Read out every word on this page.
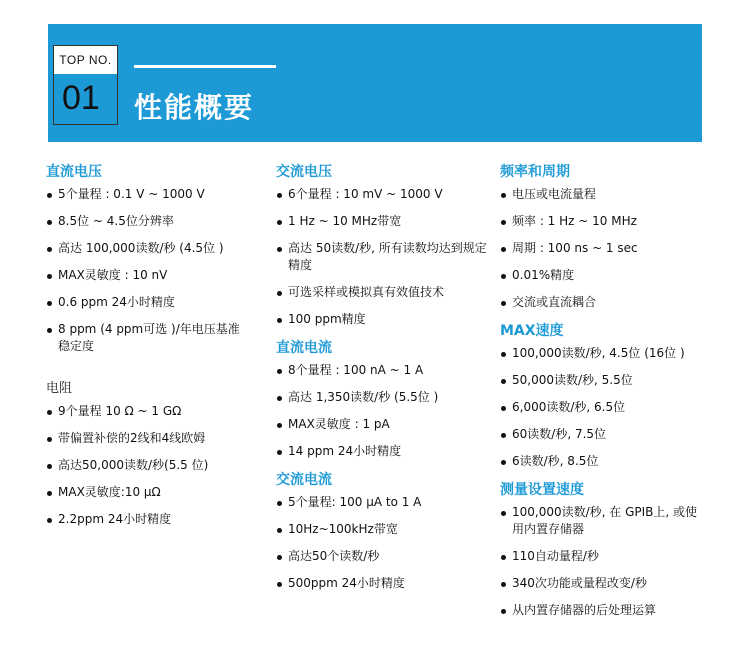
TOP NO.
01 性能概要
直流电压
5个量程 : 0.1 V ~ 1000 V
8.5位 ~ 4.5位分辨率
高达 100,000读数/秒 (4.5位 )
MAX灵敏度 : 10 nV
0.6 ppm 24小时精度
8 ppm (4 ppm可选 )/年电压基准稳定度
电阻
9个量程 10 Ω ~ 1 GΩ
带偏置补偿的2线和4线欧姆
高达50,000读数/秒(5.5 位)
MAX灵敏度:10 μΩ
2.2ppm 24小时精度
交流电压
6个量程 : 10 mV ~ 1000 V
1 Hz ~ 10 MHz带宽
高达 50读数/秒, 所有读数均达到规定精度
可选采样或模拟真有效值技术
100 ppm精度
直流电流
8个量程 : 100 nA ~ 1 A
高达 1,350读数/秒 (5.5位 )
MAX灵敏度 : 1 pA
14 ppm 24小时精度
交流电流
5个量程: 100 μA to 1 A
10Hz~100kHz带宽
高达50个读数/秒
500ppm 24小时精度
频率和周期
电压或电流量程
频率 : 1 Hz ~ 10 MHz
周期 : 100 ns ~ 1 sec
0.01%精度
交流或直流耦合
MAX速度
100,000读数/秒, 4.5位 (16位 )
50,000读数/秒, 5.5位
6,000读数/秒, 6.5位
60读数/秒, 7.5位
6读数/秒, 8.5位
测量设置速度
100,000读数/秒, 在 GPIB上, 或使用内置存储器
110自动量程/秒
340次功能或量程改变/秒
从内置存储器的后处理运算
